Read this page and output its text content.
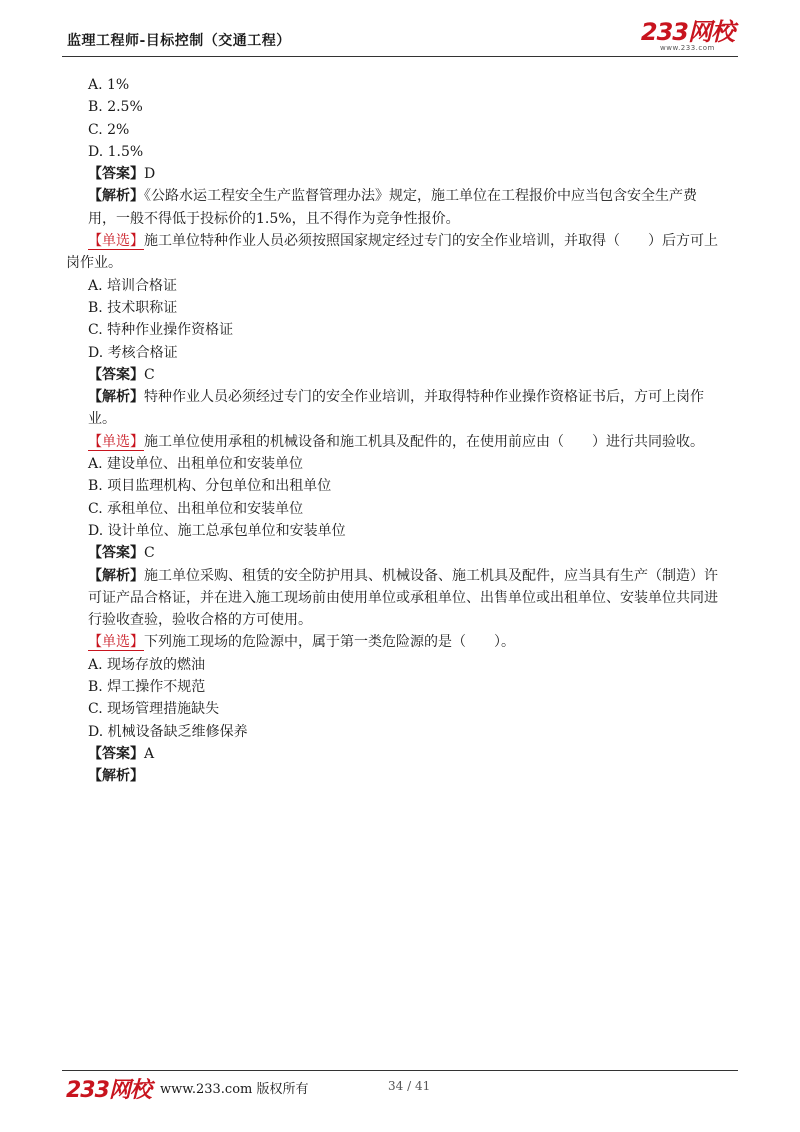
监理工程师-目标控制（交通工程）	233网校
www.233.com
A. 1%
B. 2.5%
C. 2%
D. 1.5%
【答案】D
【解析】《公路水运工程安全生产监督管理办法》规定，施工单位在工程报价中应当包含安全生产费用，一般不得低于投标价的1.5%，且不得作为竞争性报价。
【单选】施工单位特种作业人员必须按照国家规定经过专门的安全作业培训，并取得（　　）后方可上岗作业。
A. 培训合格证
B. 技术职称证
C. 特种作业操作资格证
D. 考核合格证
【答案】C
【解析】特种作业人员必须经过专门的安全作业培训，并取得特种作业操作资格证书后，方可上岗作业。
【单选】施工单位使用承租的机械设备和施工机具及配件的，在使用前应由（　　）进行共同验收。
A. 建设单位、出租单位和安装单位
B. 项目监理机构、分包单位和出租单位
C. 承租单位、出租单位和安装单位
D. 设计单位、施工总承包单位和安装单位
【答案】C
【解析】施工单位采购、租赁的安全防护用具、机械设备、施工机具及配件，应当具有生产（制造）许可证产品合格证，并在进入施工现场前由使用单位或承租单位、出售单位或出租单位、安装单位共同进行验收查验，验收合格的方可使用。
【单选】下列施工现场的危险源中，属于第一类危险源的是（　　）。
A. 现场存放的燃油
B. 焊工操作不规范
C. 现场管理措施缺失
D. 机械设备缺乏维修保养
【答案】A
【解析】
233网校 www.233.com 版权所有	34 / 41
